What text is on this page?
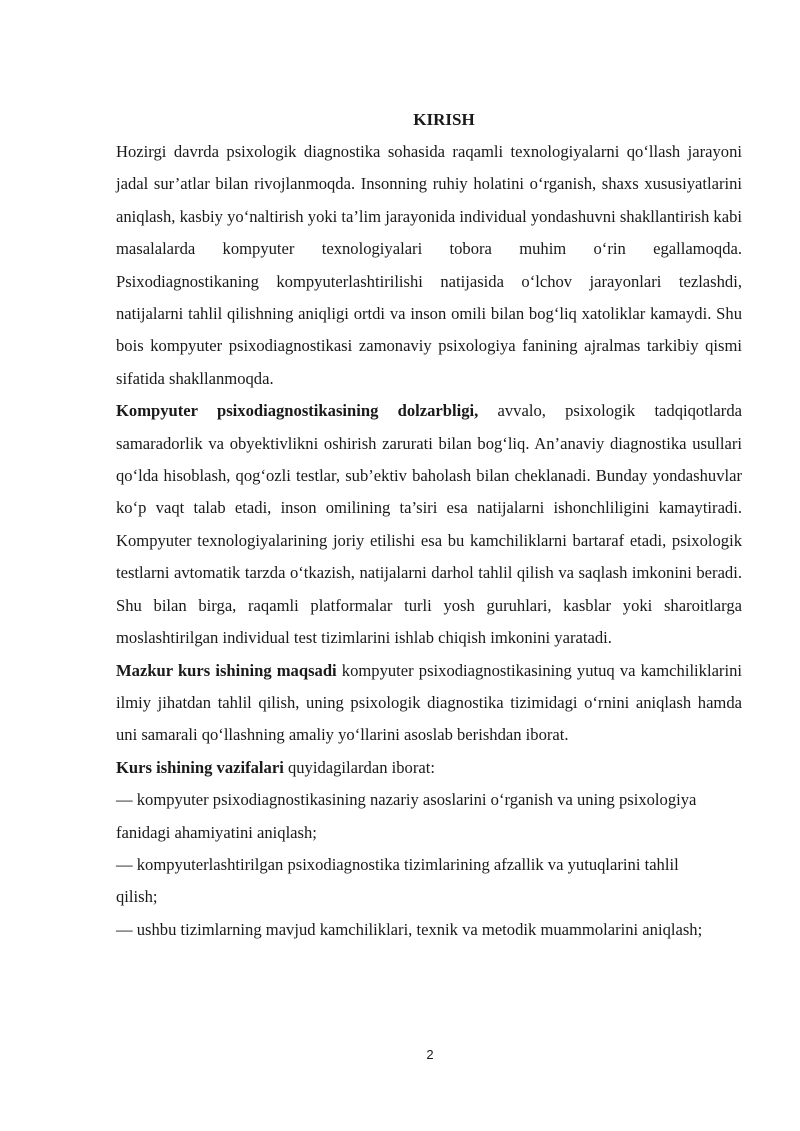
KIRISH

Hozirgi davrda psixologik diagnostika sohasida raqamli texnologiyalarni qo‘llash jarayoni jadal sur’atlar bilan rivojlanmoqda. Insonning ruhiy holatini o‘rganish, shaxs xususiyatlarini aniqlash, kasbiy yo‘naltirish yoki ta’lim jarayonida individual yondashuvni shakllantirish kabi masalalarda kompyuter texnologiyalari tobora muhim o‘rin egallamoqda. Psixodiagnostikaning kompyuterlashtirilishi natijasida o‘lchov jarayonlari tezlashdi, natijalarni tahlil qilishning aniqligi ortdi va inson omili bilan bog‘liq xatoliklar kamaydi. Shu bois kompyuter psixodiagnostikasi zamonaviy psixologiya fanining ajralmas tarkibiy qismi sifatida shakllanmoqda.

Kompyuter psixodiagnostikasining dolzarbligi, avvalo, psixologik tadqiqotlarda samaradorlik va obyektivlikni oshirish zarurati bilan bog‘liq. An’anaviy diagnostika usullari qo‘lda hisoblash, qog‘ozli testlar, sub’ektiv baholash bilan cheklanadi. Bunday yondashuvlar ko‘p vaqt talab etadi, inson omilining ta’siri esa natijalarni ishonchliligini kamaytiradi. Kompyuter texnologiyalarining joriy etilishi esa bu kamchiliklarni bartaraf etadi, psixologik testlarni avtomatik tarzda o‘tkazish, natijalarni darhol tahlil qilish va saqlash imkonini beradi. Shu bilan birga, raqamli platformalar turli yosh guruhlari, kasblar yoki sharoitlarga moslashtirilgan individual test tizimlarini ishlab chiqish imkonini yaratadi.

Mazkur kurs ishining maqsadi kompyuter psixodiagnostikasining yutuq va kamchiliklarini ilmiy jihatdan tahlil qilish, uning psixologik diagnostika tizimidagi o‘rnini aniqlash hamda uni samarali qo‘llashning amaliy yo‘llarini asoslab berishdan iborat.

Kurs ishining vazifalari quyidagilardan iborat:

— kompyuter psixodiagnostikasining nazariy asoslarini o‘rganish va uning psixologiya fanidagi ahamiyatini aniqlash;

— kompyuterlashtirilgan psixodiagnostika tizimlarining afzallik va yutuqlarini tahlil qilish;

— ushbu tizimlarning mavjud kamchiliklari, texnik va metodik muammolarini aniqlash;

2
